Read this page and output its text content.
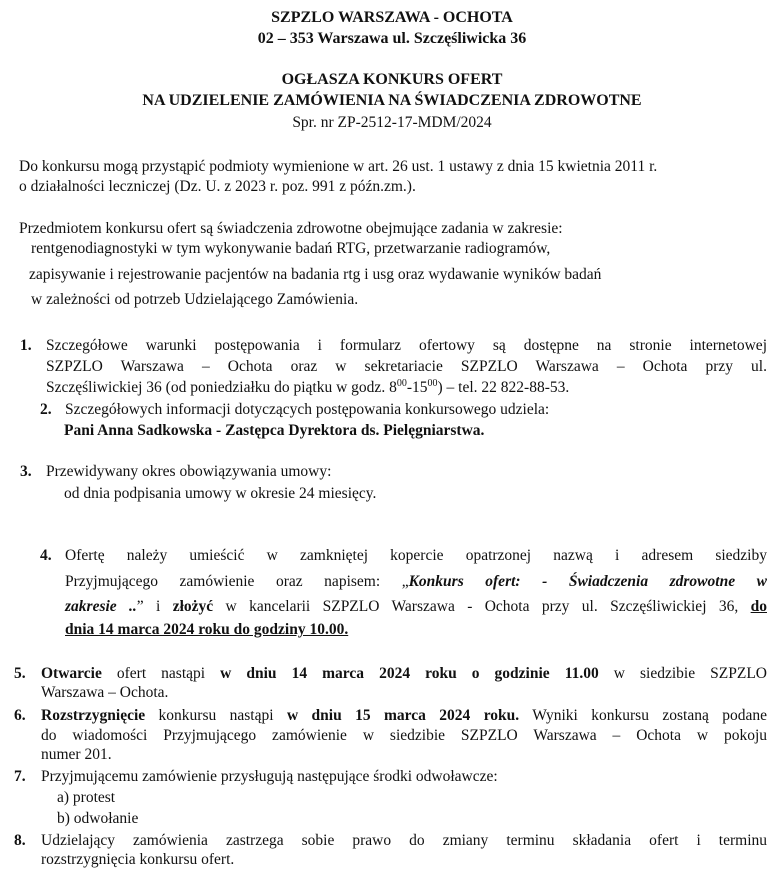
SZPZLO WARSZAWA - OCHOTA
02 – 353 Warszawa ul. Szczęśliwicka 36
OGŁASZA KONKURS OFERT
NA UDZIELENIE ZAMÓWIENIA NA ŚWIADCZENIA ZDROWOTNE
Spr. nr ZP-2512-17-MDM/2024
Do konkursu mogą przystąpić podmioty wymienione w art. 26 ust. 1 ustawy z dnia 15 kwietnia 2011 r.
o działalności leczniczej (Dz. U. z 2023 r. poz. 991 z późn.zm.).
Przedmiotem konkursu ofert są świadczenia zdrowotne obejmujące zadania w zakresie:
rentgenodiagnostyki w tym wykonywanie badań RTG, przetwarzanie radiogramów,
zapisywanie i rejestrowanie pacjentów na badania rtg i usg oraz wydawanie wyników badań
w zależności od potrzeb Udzielającego Zamówienia.
1. Szczegółowe warunki postępowania i formularz ofertowy są dostępne na stronie internetowej
SZPZLO Warszawa – Ochota oraz w sekretariacie SZPZLO Warszawa – Ochota przy ul.
Szczęśliwickiej 36 (od poniedziałku do piątku w godz. $8^{00}-15^{00}$) – tel. 22 822-88-53.
2. Szczegółowych informacji dotyczących postępowania konkursowego udziela:
Pani Anna Sadkowska - Zastępca Dyrektora ds. Pielęgniarstwa.
3. Przewidywany okres obowiązywania umowy:
od dnia podpisania umowy w okresie 24 miesięcy.
4. Ofertę należy umieścić w zamkniętej kopercie opatrzonej nazwą i adresem siedziby
Przyjmującego zamówienie oraz napisem: „Konkurs ofert: - Świadczenia zdrowotne w
zakresie ..” i złożyć w kancelarii SZPZLO Warszawa - Ochota przy ul. Szczęśliwickiej 36, do
dnia 14 marca 2024 roku do godziny 10.00.
5. Otwarcie ofert nastąpi w dniu 14 marca 2024 roku o godzinie 11.00 w siedzibie SZPZLO
Warszawa – Ochota.
6. Rozstrzygnięcie konkursu nastąpi w dniu 15 marca 2024 roku. Wyniki konkursu zostaną podane
do wiadomości Przyjmującego zamówienie w siedzibie SZPZLO Warszawa – Ochota w pokoju
numer 201.
7. Przyjmującemu zamówienie przysługują następujące środki odwoławcze:
a) protest
b) odwołanie
8. Udzielający zamówienia zastrzega sobie prawo do zmiany terminu składania ofert i terminu
rozstrzygnięcia konkursu ofert.
